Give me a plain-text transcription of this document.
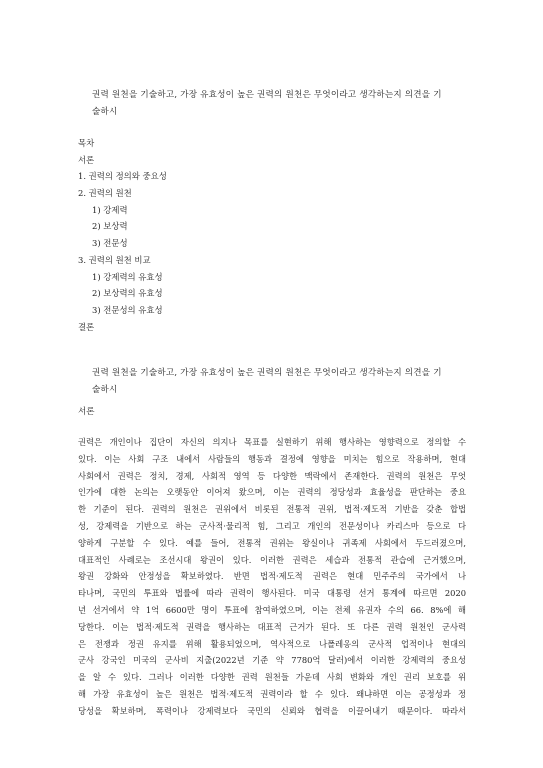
권력 원천을 기술하고, 가장 유효성이 높은 권력의 원천은 무엇이라고 생각하는지 의견을 기
술하시
목차
서론
1. 권력의 정의와 중요성
2. 권력의 원천
1) 강제력
2) 보상력
3) 전문성
3. 권력의 원천 비교
1) 강제력의 유효성
2) 보상력의 유효성
3) 전문성의 유효성
결론
권력 원천을 기술하고, 가장 유효성이 높은 권력의 원천은 무엇이라고 생각하는지 의견을 기
술하시
서론
권력은 개인이나 집단이 자신의 의지나 목표를 실현하기 위해 행사하는 영향력으로 정의할 수
있다. 이는 사회 구조 내에서 사람들의 행동과 결정에 영향을 미치는 힘으로 작용하며, 현대
사회에서 권력은 정치, 경제, 사회적 영역 등 다양한 맥락에서 존재한다. 권력의 원천은 무엇
인가에 대한 논의는 오랫동안 이어져 왔으며, 이는 권력의 정당성과 효율성을 판단하는 중요
한 기준이 된다. 권력의 원천은 권위에서 비롯된 전통적 권위, 법적·제도적 기반을 갖춘 합법
성, 강제력을 기반으로 하는 군사적·물리적 힘, 그리고 개인의 전문성이나 카리스마 등으로 다
양하게 구분할 수 있다. 예를 들어, 전통적 권위는 왕실이나 귀족제 사회에서 두드러졌으며,
대표적인 사례로는 조선시대 왕권이 있다. 이러한 권력은 세습과 전통적 관습에 근거했으며,
왕권 강화와 안정성을 확보하였다. 반면 법적·제도적 권력은 현대 민주주의 국가에서 나
타나며, 국민의 투표와 법률에 따라 권력이 행사된다. 미국 대통령 선거 통계에 따르면 2020
년 선거에서 약 1억 6600만 명이 투표에 참여하였으며, 이는 전체 유권자 수의 66. 8%에 해
당한다. 이는 법적·제도적 권력을 행사하는 대표적 근거가 된다. 또 다른 권력 원천인 군사력
은 전쟁과 정권 유지를 위해 활용되었으며, 역사적으로 나폴레옹의 군사적 업적이나 현대의
군사 강국인 미국의 군사비 지출(2022년 기준 약 7780억 달러)에서 이러한 강제력의 중요성
을 알 수 있다. 그러나 이러한 다양한 권력 원천들 가운데 사회 변화와 개인 권리 보호를 위
해 가장 유효성이 높은 원천은 법적·제도적 권력이라 할 수 있다. 왜냐하면 이는 공정성과 정
당성을 확보하며, 폭력이나 강제력보다 국민의 신뢰와 협력을 이끌어내기 때문이다. 따라서
